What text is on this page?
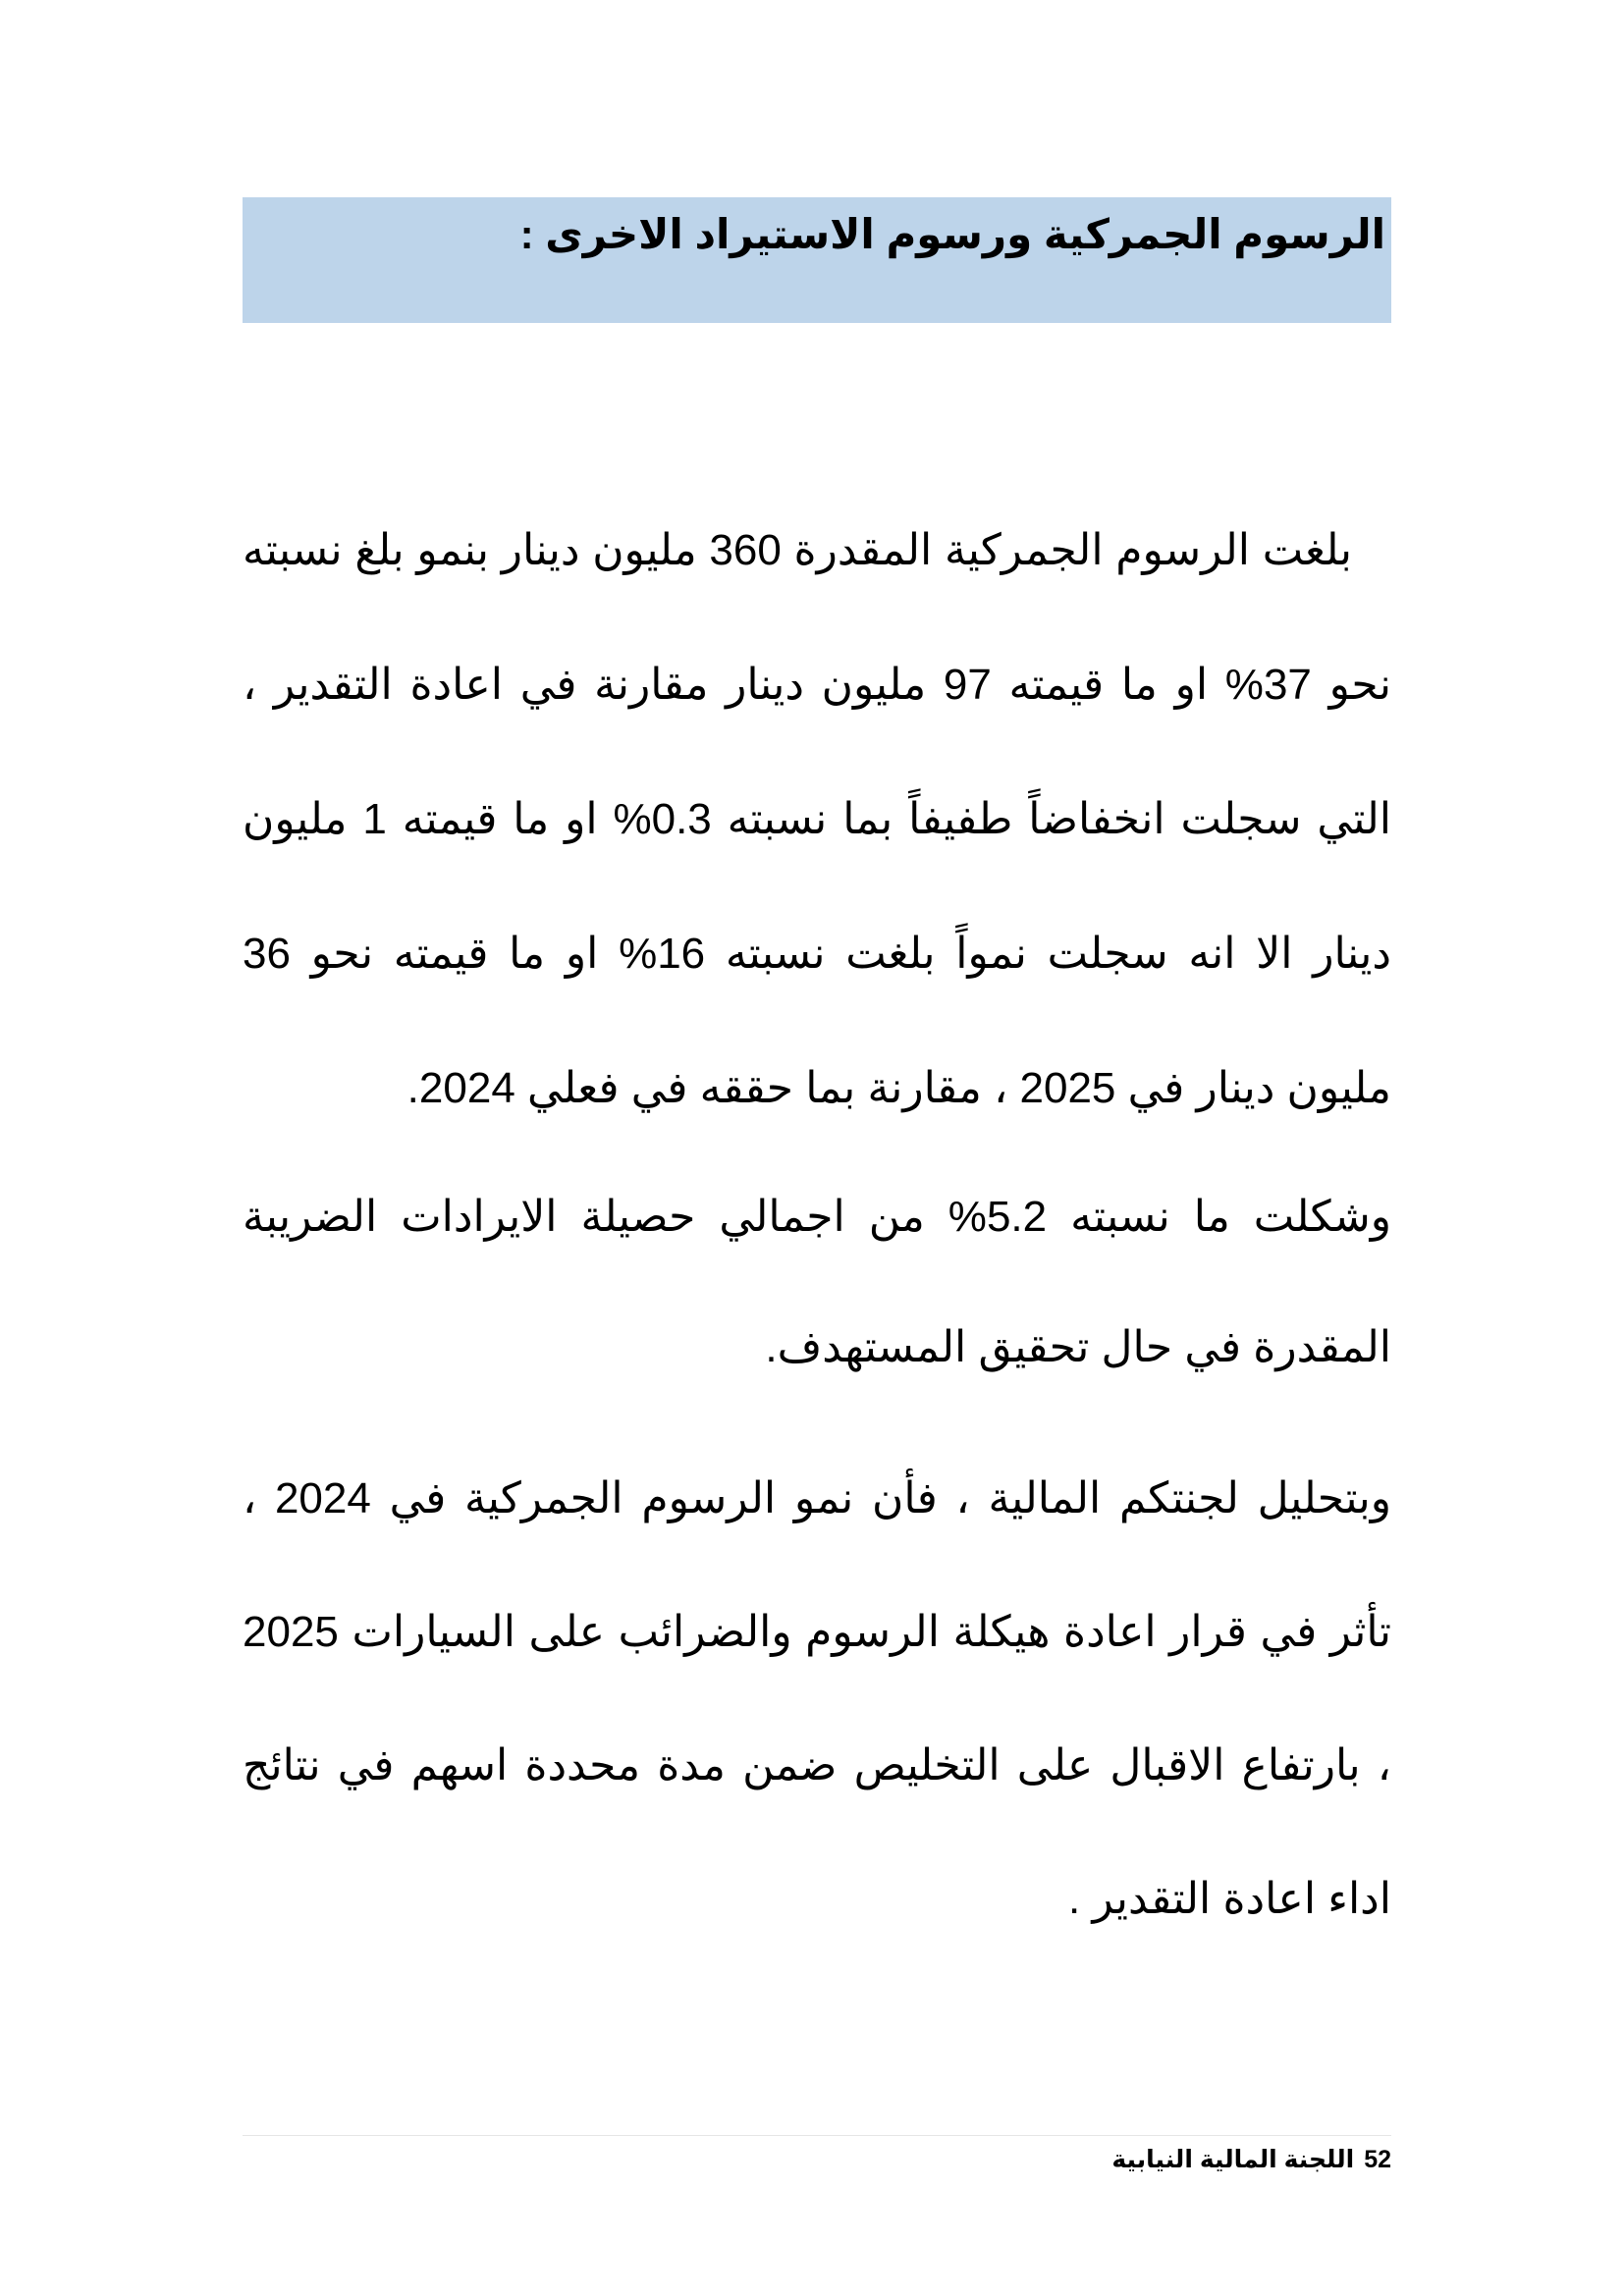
الرسوم الجمركية ورسوم الاستيراد الاخرى :

بلغت الرسوم الجمركية المقدرة 360 مليون دينار بنمو بلغ نسبته نحو 37% او ما قيمته 97 مليون دينار مقارنة في اعادة التقدير ، التي سجلت انخفاضاً طفيفاً بما نسبته 0.3% او ما قيمته 1 مليون دينار الا انه سجلت نمواً بلغت نسبته 16% او ما قيمته نحو 36 مليون دينار في 2025 ، مقارنة بما حققه في فعلي 2024.

وشكلت ما نسبته 5.2% من اجمالي حصيلة الايرادات الضريبة المقدرة في حال تحقيق المستهدف.

وبتحليل لجنتكم المالية ، فأن نمو الرسوم الجمركية في 2024 ، تأثر في قرار اعادة هيكلة الرسوم والضرائب على السيارات 2025 ، بارتفاع الاقبال على التخليص ضمن مدة محددة اسهم في نتائج اداء اعادة التقدير .

52اللجنة المالية النيابية
